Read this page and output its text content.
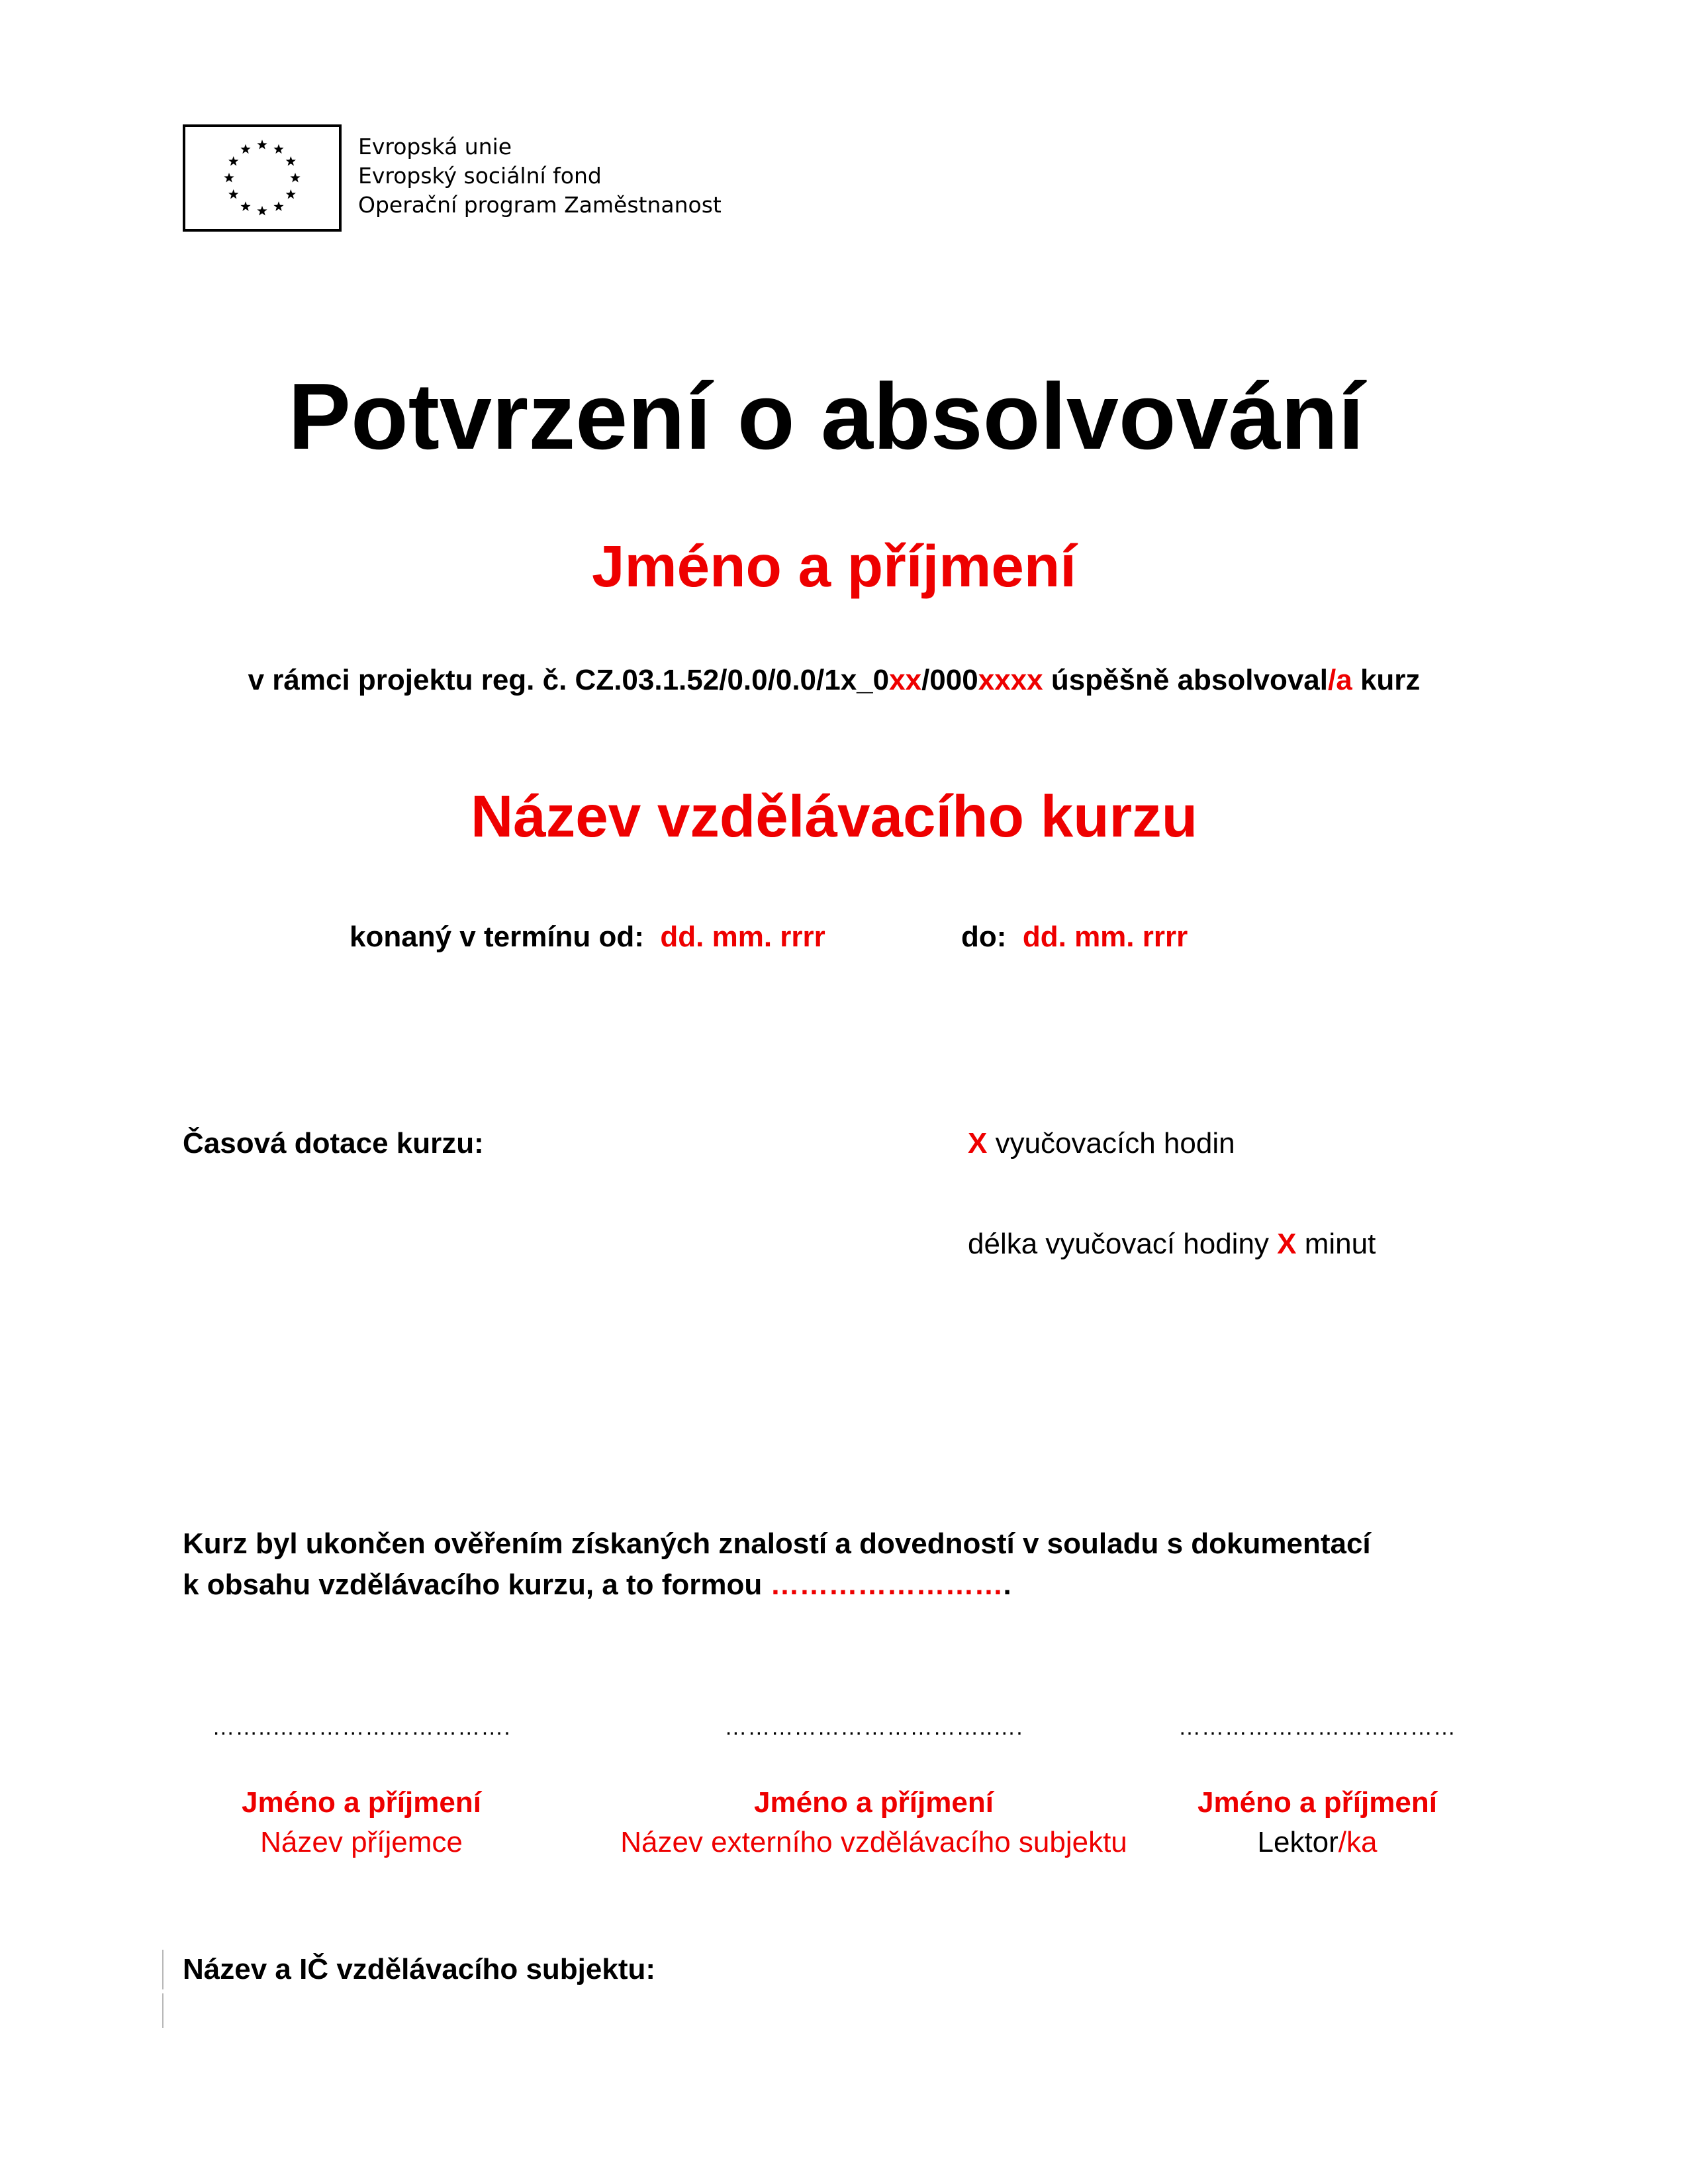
Evropská unie
Evropský sociální fond
Operační program Zaměstnanost
Potvrzení o absolvování
Jméno a příjmení
v rámci projektu reg. č. CZ.03.1.52/0.0/0.0/1x_0xx/000xxxx úspěšně absolvoval/a kurz
Název vzdělávacího kurzu
konaný v termínu od: dd. mm. rrrr	do: dd. mm. rrrr
Časová dotace kurzu:	X vyučovacích hodin
délka vyučovací hodiny X minut
Kurz byl ukončen ověřením získaných znalostí a dovedností v souladu s dokumentací
k obsahu vzdělávacího kurzu, a to formou …………………….
……..………………………….
Jméno a příjmení
Název příjemce
……………………………..….
Jméno a příjmení
Název externího vzdělávacího subjektu
………………………………
Jméno a příjmení
Lektor/ka
Název a IČ vzdělávacího subjektu:
